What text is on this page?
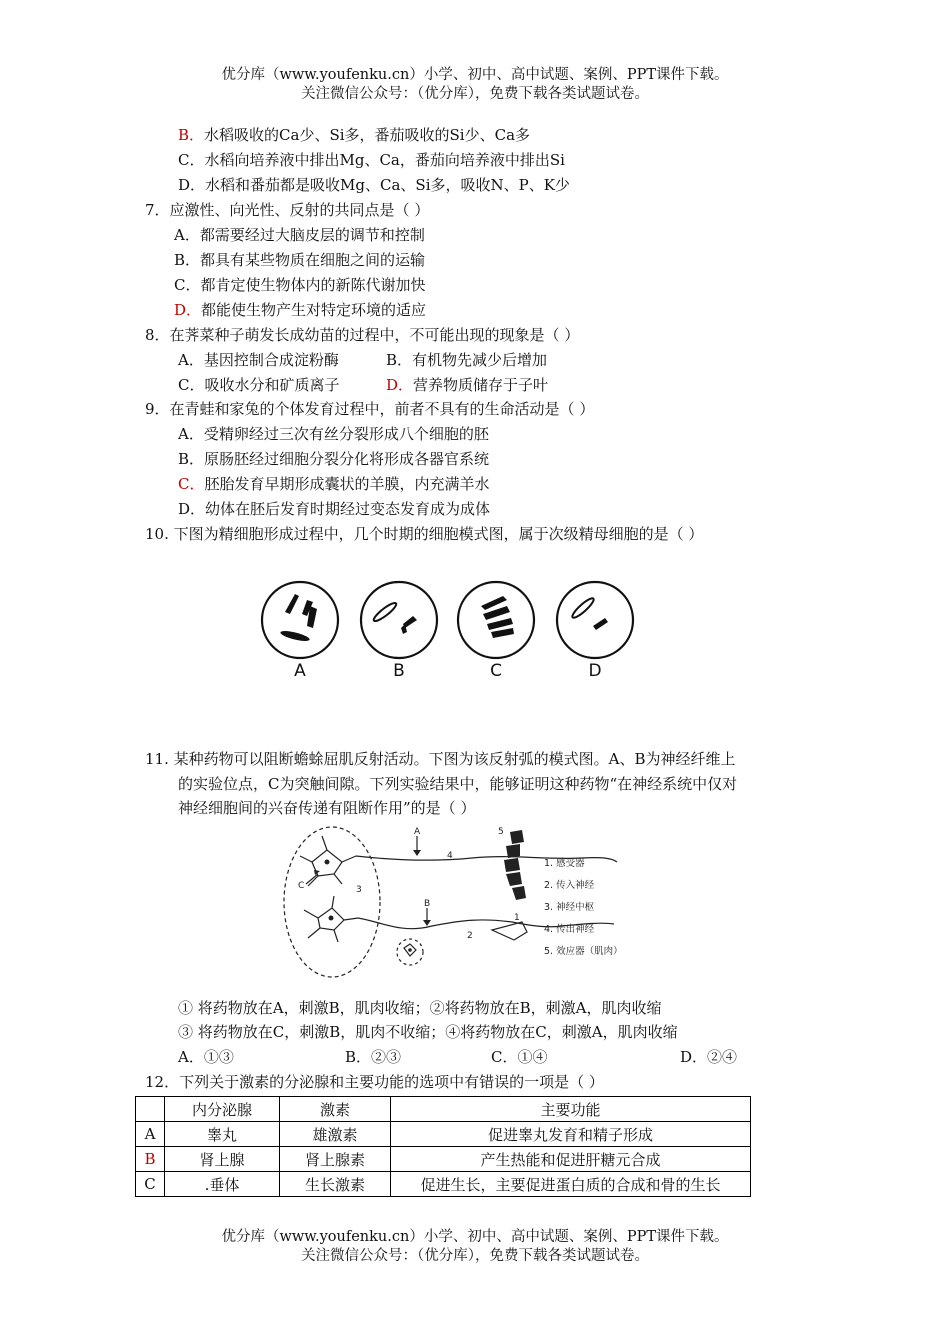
优分库（www.youfenku.cn）小学、初中、高中试题、案例、PPT课件下载。
关注微信公众号：（优分库），免费下载各类试题试卷。
B．水稻吸收的Ca少、Si多，番茄吸收的Si少、Ca多
C．水稻向培养液中排出Mg、Ca，番茄向培养液中排出Si
D．水稻和番茄都是吸收Mg、Ca、Si多，吸收N、P、K少
7．应激性、向光性、反射的共同点是（ ）
A．都需要经过大脑皮层的调节和控制
B．都具有某些物质在细胞之间的运输
C．都肯定使生物体内的新陈代谢加快
D．都能使生物产生对特定环境的适应
8．在荠菜种子萌发长成幼苗的过程中，不可能出现的现象是（ ）
A．基因控制合成淀粉酶	B．有机物先减少后增加
C．吸收水分和矿质离子	D．营养物质储存于子叶
9．在青蛙和家兔的个体发育过程中，前者不具有的生命活动是（ ）
A．受精卵经过三次有丝分裂形成八个细胞的胚
B．原肠胚经过细胞分裂分化将形成各器官系统
C．胚胎发育早期形成囊状的羊膜，内充满羊水
D．幼体在胚后发育时期经过变态发育成为成体
10. 下图为精细胞形成过程中，几个时期的细胞模式图，属于次级精母细胞的是（ ）
A	B	C	D
11. 某种药物可以阻断蟾蜍屈肌反射活动。下图为该反射弧的模式图。A、B为神经纤维上
的实验位点，C为突触间隙。下列实验结果中，能够证明这种药物“在神经系统中仅对
神经细胞间的兴奋传递有阻断作用”的是（ ）
A
B
C
1
2
3
4
5
1. 感受器
2. 传入神经
3. 神经中枢
4. 传出神经
5. 效应器（肌肉）
① 将药物放在A，刺激B，肌肉收缩；②将药物放在B，刺激A，肌肉收缩
③ 将药物放在C，刺激B，肌肉不收缩；④将药物放在C，刺激A，肌肉收缩
A．①③	B．②③	C．①④	D．②④
12．下列关于激素的分泌腺和主要功能的选项中有错误的一项是（ ）
	内分泌腺	激素	主要功能
A	睾丸	雄激素	促进睾丸发育和精子形成
B	肾上腺	肾上腺素	产生热能和促进肝糖元合成
C	.垂体	生长激素	促进生长，主要促进蛋白质的合成和骨的生长
优分库（www.youfenku.cn）小学、初中、高中试题、案例、PPT课件下载。
关注微信公众号：（优分库），免费下载各类试题试卷。
